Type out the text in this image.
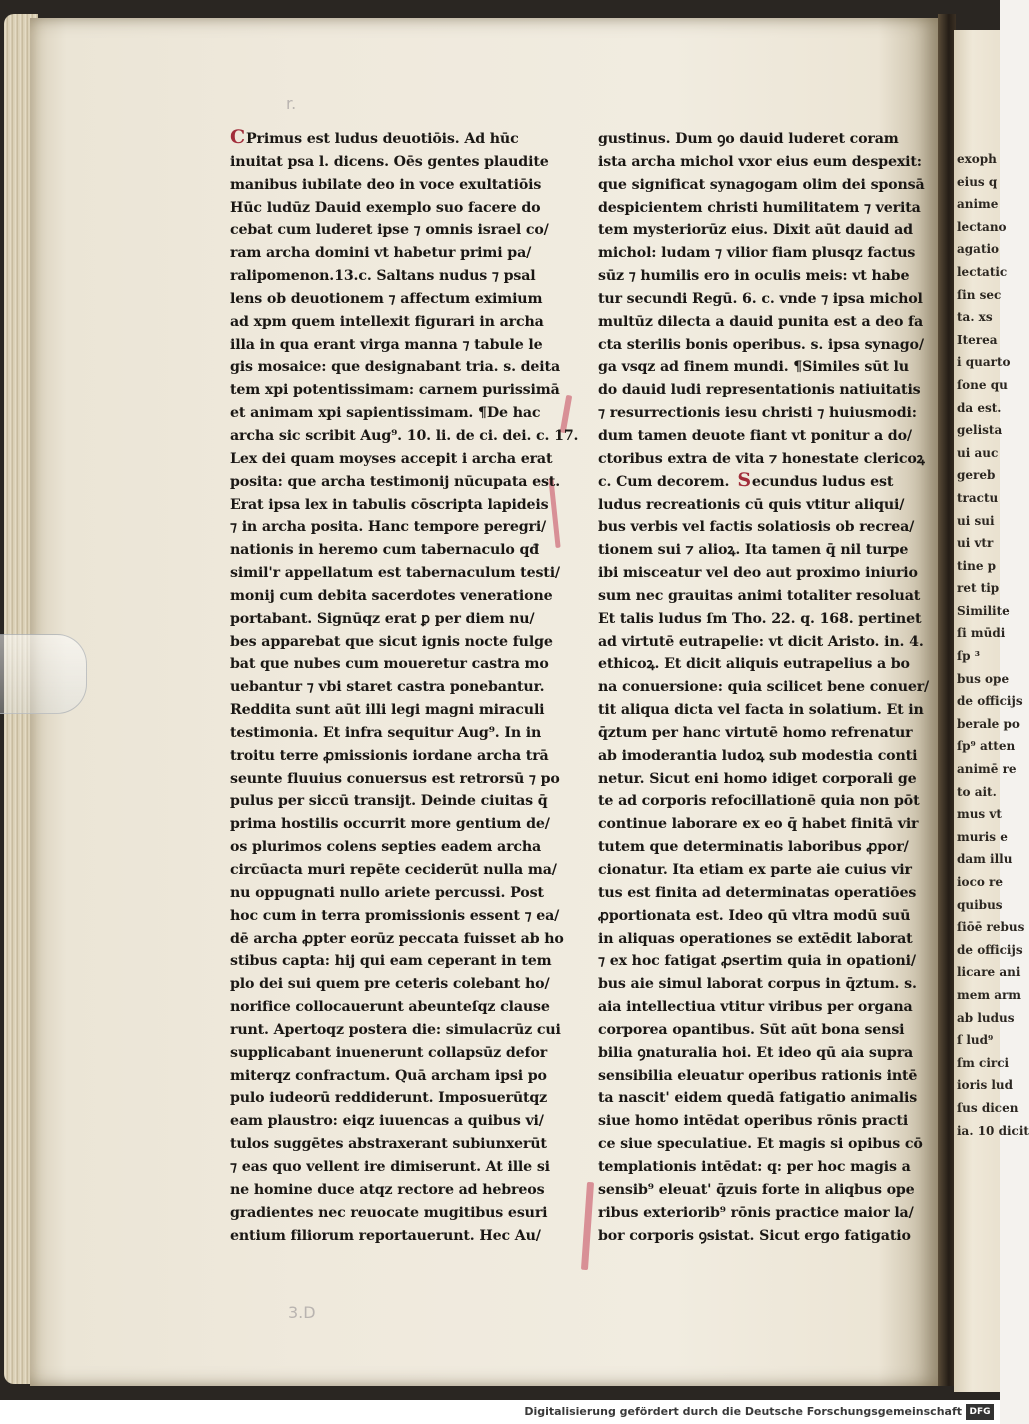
exoph
eius q
anime
lectano
agatio
lectatic
ſin sec
ta. xs
Iterea
i quarto
ſone qu
da est.
gelista
ui auc
gereb
tractu
ui sui
ui vtr
tine p
ret tip
Similite
ſi mūdi
ſp ³
bus ope
de officijs
berale po
ſp⁹ atten
animē re
to ait.
mus vt
muris e
dam illu
ioco re
quibus
ſiōē rebus
de officijs
licare ani
mem arm
ab ludus
ſ lud⁹
ſm circi
ioris lud
ſus dicen
ia. 10 dicit
r.
3.D
CPrimus est ludus deuotiōis. Ad hūc
inuitat psa l. dicens. Oēs gentes plaudite
manibus iubilate deo in voce exultatiōis
Hūc ludūz Dauid exemplo suo facere do
cebat cum luderet ipse ⁊ omnis israel co/
ram archa domini vt habetur primi pa/
ralipomenon.13.c. Saltans nudus ⁊ psal
lens ob deuotionem ⁊ affectum eximium
ad xpm quem intellexit figurari in archa
illa in qua erant virga manna ⁊ tabule le
gis mosaice: que designabant tria. s. deita
tem xpi potentissimam: carnem purissimā
et animam xpi sapientissimam. ¶De hac
archa sic scribit Aug⁹. 10. li. de ci. dei. c. 17.
Lex dei quam moyses accepit i archa erat
posita: que archa testimonij nūcupata est.
Erat ipsa lex in tabulis cōscripta lapideis
⁊ in archa posita. Hanc tempore peregri/
nationis in heremo cum tabernaculo qđ
simil'r appellatum est tabernaculum testi/
monij cum debita sacerdotes veneratione
portabant. Signūqz erat ꝑ per diem nu/
bes apparebat que sicut ignis nocte fulge
bat que nubes cum moueretur castra mo
uebantur ⁊ vbi staret castra ponebantur.
Reddita sunt aūt illi legi magni miraculi
testimonia. Et infra sequitur Aug⁹. In in
troitu terre ꝓmissionis iordane archa trā
seunte fluuius conuersus est retrorsū ⁊ po
pulus per siccū transijt. Deinde ciuitas q̄
prima hostilis occurrit more gentium de/
os plurimos colens septies eadem archa
circūacta muri repēte ceciderūt nulla ma/
nu oppugnati nullo ariete percussi. Post
hoc cum in terra promissionis essent ⁊ ea/
dē archa ꝓpter eorūz peccata fuisset ab ho
stibus capta: hij qui eam ceperant in tem
plo dei sui quem pre ceteris colebant ho/
norifice collocauerunt abeunteſqz clause
runt. Apertoqz postera die: simulacrūz cui
supplicabant inuenerunt collapsūz defor
miterqz confractum. Quā archam ipsi po
pulo iudeorū reddiderunt. Imposuerūtqz
eam plaustro: eiqz iuuencas a quibus vi/
tulos suggētes abstraxerant subiunxerūt
⁊ eas quo vellent ire dimiserunt. At ille si
ne homine duce atqz rectore ad hebreos
gradientes nec reuocate mugitibus esuri
entium filiorum reportauerunt. Hec Au/
gustinus. Dum ꝯo dauid luderet coram
ista archa michol vxor eius eum despexit:
que significat synagogam olim dei sponsā
despicientem christi humilitatem ⁊ verita
tem mysteriorūz eius. Dixit aūt dauid ad
michol: ludam ⁊ vilior fiam plusqz factus
sūz ⁊ humilis ero in oculis meis: vt habe
tur secundi Regū. 6. c. vnde ⁊ ipsa michol
multūz dilecta a dauid punita est a deo fa
cta sterilis bonis operibus. s. ipsa synago/
ga vsqz ad finem mundi. ¶Similes sūt lu
do dauid ludi representationis natiuitatis
⁊ resurrectionis iesu christi ⁊ huiusmodi:
dum tamen deuote fiant vt ponitur a do/
ctoribus extra de vita ⁊ honestate clericoꝝ
c. Cum decorem. Secundus ludus est
ludus recreationis cū quis vtitur aliqui/
bus verbis vel factis solatiosis ob recrea/
tionem sui ⁊ alioꝝ. Ita tamen q̄ nil turpe
ibi misceatur vel deo aut proximo iniurio
sum nec grauitas animi totaliter resoluat
Et talis ludus ſm Tho. 22. q. 168. pertinet
ad virtutē eutrapelie: vt dicit Aristo. in. 4.
ethicoꝝ. Et dicit aliquis eutrapelius a bo
na conuersione: quia scilicet bene conuer/
tit aliqua dicta vel facta in solatium. Et in
q̄ztum per hanc virtutē homo refrenatur
ab imoderantia ludoꝝ sub modestia conti
netur. Sicut eni homo idiget corporali ge
te ad corporis refocillationē quia non pōt
continue laborare ex eo q̄ habet finitā vir
tutem que determinatis laboribus ꝓpor/
cionatur. Ita etiam ex parte aie cuius vir
tus est finita ad determinatas operatiōes
ꝓportionata est. Ideo qū vltra modū suū
in aliquas operationes se extēdit laborat
⁊ ex hoc fatigat ꝓsertim quia in opationi/
bus aie simul laborat corpus in q̄ztum. s.
aia intellectiua vtitur viribus per organa
corporea opantibus. Sūt aūt bona sensi
bilia ꝯnaturalia hoi. Et ideo qū aia supra
sensibilia eleuatur operibus rationis intē
ta nascit' eidem quedā fatigatio animalis
siue homo intēdat operibus rōnis practi
ce siue speculatiue. Et magis si opibus cō
templationis intēdat: q: per hoc magis a
sensib⁹ eleuat' q̄zuis forte in aliqbus ope
ribus exteriorib⁹ rōnis practice maior la/
bor corporis ꝯsistat. Sicut ergo fatigatio
Digitalisierung gefördert durch die Deutsche Forschungsgemeinschaft DFG
